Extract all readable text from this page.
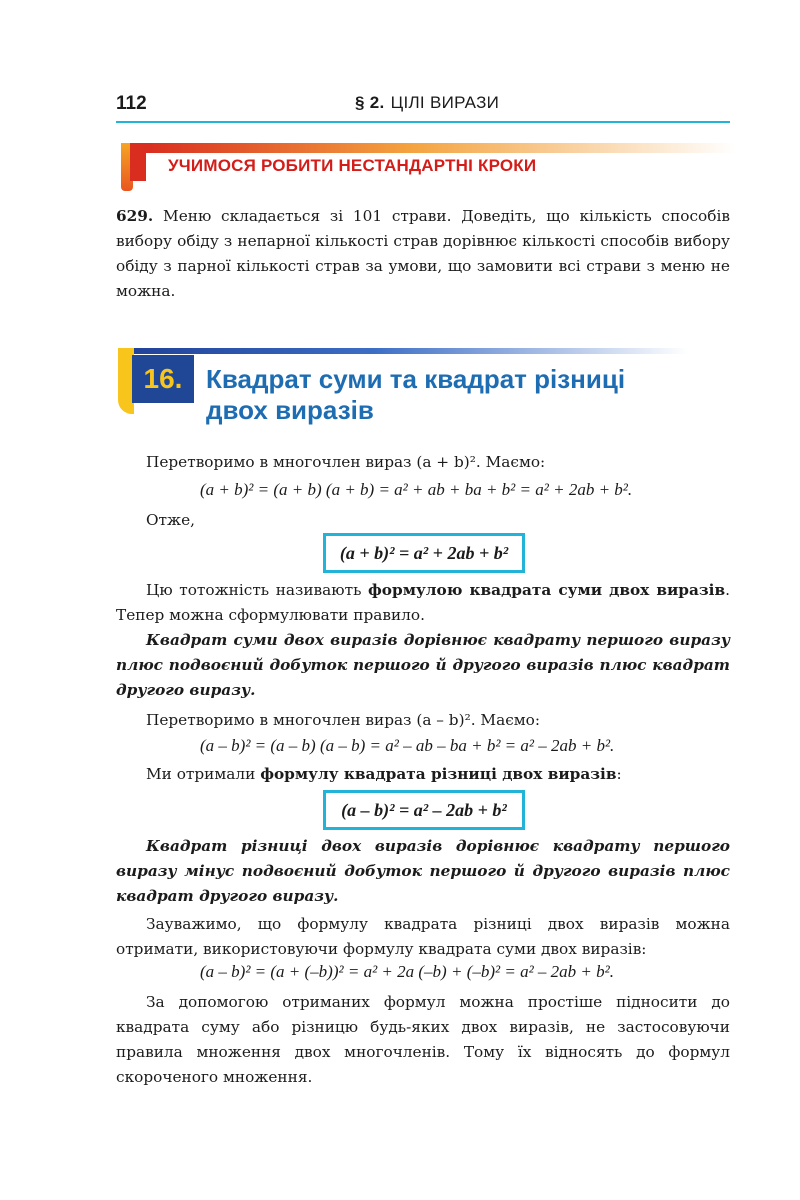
112	§ 2. ЦІЛІ ВИРАЗИ
УЧИМОСЯ РОБИТИ НЕСТАНДАРТНІ КРОКИ
629. Меню складається зі 101 страви. Доведіть, що кількість способів вибору обіду з непарної кількості страв дорівнює кількості способів вибору обіду з парної кількості страв за умови, що замовити всі страви з меню не можна.
16. Квадрат суми та квадрат різниці
двох виразів
Перетворимо в многочлен вираз (a + b)². Маємо:
(a + b)² = (a + b) (a + b) = a² + ab + ba + b² = a² + 2ab + b².
Отже,
(a + b)² = a² + 2ab + b²
Цю тотожність називають формулою квадрата суми двох виразів. Тепер можна сформулювати правило.
Квадрат суми двох виразів дорівнює квадрату першого виразу плюс подвоєний добуток першого й другого виразів плюс квадрат другого виразу.
Перетворимо в многочлен вираз (a – b)². Маємо:
(a – b)² = (a – b) (a – b) = a² – ab – ba + b² = a² – 2ab + b².
Ми отримали формулу квадрата різниці двох виразів:
(a – b)² = a² – 2ab + b²
Квадрат різниці двох виразів дорівнює квадрату першого виразу мінус подвоєний добуток першого й другого виразів плюс квадрат другого виразу.
Зауважимо, що формулу квадрата різниці двох виразів можна отримати, використовуючи формулу квадрата суми двох виразів:
(a – b)² = (a + (–b))² = a² + 2a (–b) + (–b)² = a² – 2ab + b².
За допомогою отриманих формул можна простіше підносити до квадрата суму або різницю будь-яких двох виразів, не застосовуючи правила множення двох многочленів. Тому їх відносять до формул скороченого множення.
